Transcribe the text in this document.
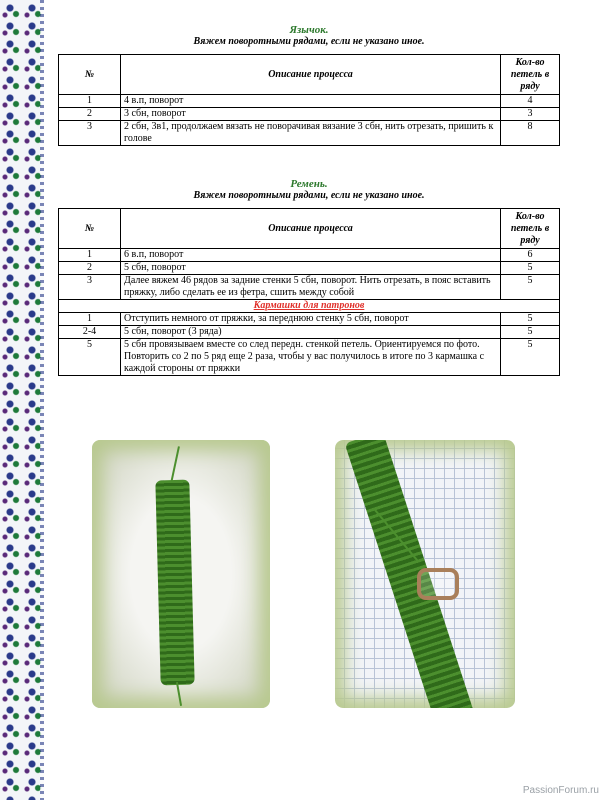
Язычок.
Вяжем поворотными рядами, если не указано иное.
№	Описание процесса	Кол-во петель в ряду
1	4 в.п, поворот	4
2	3 сбн, поворот	3
3	2 сбн, 3в1, продолжаем вязать не поворачивая вязание 3 сбн, нить отрезать, пришить к голове	8
Ремень.
Вяжем поворотными рядами, если не указано иное.
№	Описание процесса	Кол-во петель в ряду
1	6 в.п, поворот	6
2	5 сбн, поворот	5
3	Далее вяжем 46 рядов за задние стенки 5 сбн, поворот. Нить отрезать, в пояс вставить пряжку, либо сделать ее из фетра, сшить между собой	5
Кармашки для патронов		
1	Отступить немного от пряжки, за переднюю стенку 5 сбн, поворот	5
2-4	5 сбн, поворот (3 ряда)	5
5	5 сбн провязываем вместе со след передн. стенкой петель. Ориентируемся по фото. Повторить со 2 по 5 ряд еще 2 раза, чтобы у вас получилось в итоге по 3 кармашка с каждой стороны от пряжки	5
PassionForum.ru
